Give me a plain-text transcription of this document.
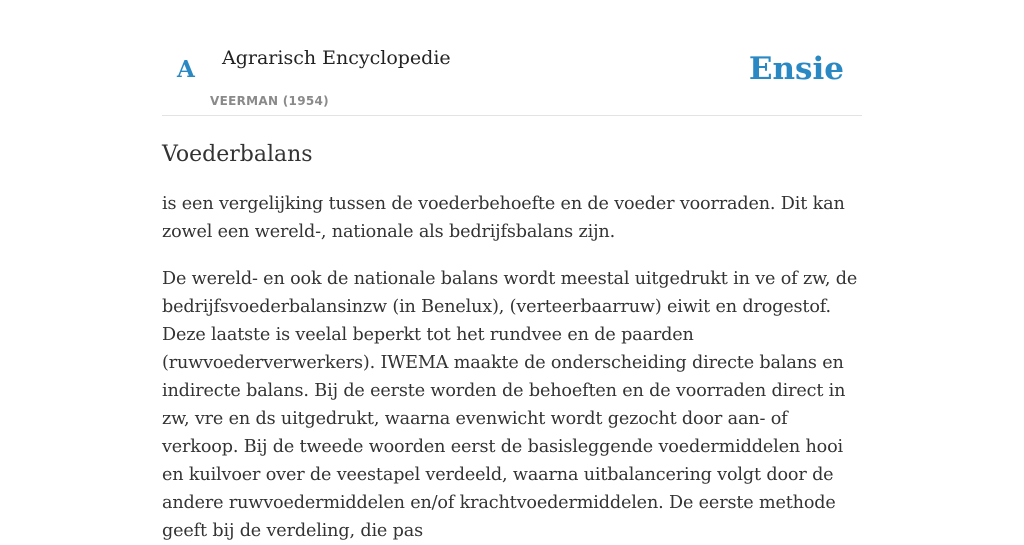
A Agrarisch Encyclopedie
VEERMAN (1954)
Ensie
Voederbalans

is een vergelijking tussen de voederbehoefte en de voeder voorraden. Dit kan zowel een wereld-, nationale als bedrijfsbalans zijn.

De wereld- en ook de nationale balans wordt meestal uitgedrukt in ve of zw, de bedrijfsvoederbalansinzw (in Benelux), (verteerbaarruw) eiwit en drogestof. Deze laatste is veelal beperkt tot het rundvee en de paarden (ruwvoederverwerkers). IWEMA maakte de onderscheiding directe balans en indirecte balans. Bij de eerste worden de behoeften en de voorraden direct in zw, vre en ds uitgedrukt, waarna evenwicht wordt gezocht door aan- of verkoop. Bij de tweede woorden eerst de basisleggende voedermiddelen hooi en kuilvoer over de veestapel verdeeld, waarna uitbalancering volgt door de andere ruwvoedermiddelen en/of krachtvoedermiddelen. De eerste methode geeft bij de verdeling, die pas
